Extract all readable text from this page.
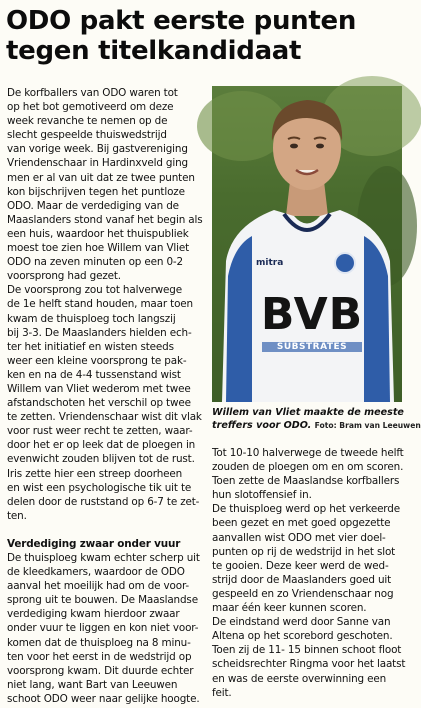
ODO pakt eerste punten
tegen titelkandidaat
De korfballers van ODO waren tot
op het bot gemotiveerd om deze
week revanche te nemen op de
slecht gespeelde thuiswedstrijd
van vorige week. Bij gastvereniging
Vriendenschaar in Hardinxveld ging
men er al van uit dat ze twee punten
kon bijschrijven tegen het puntloze
ODO. Maar de verdediging van de
Maaslanders stond vanaf het begin als
een huis, waardoor het thuispubliek
moest toe zien hoe Willem van Vliet
ODO na zeven minuten op een 0-2
voorsprong had gezet.
De voorsprong zou tot halverwege
de 1e helft stand houden, maar toen
kwam de thuisploeg toch langszij
bij 3-3. De Maaslanders hielden ech-
ter het initiatief en wisten steeds
weer een kleine voorsprong te pak-
ken en na de 4-4 tussenstand wist
Willem van Vliet wederom met twee
afstandschoten het verschil op twee
te zetten. Vriendenschaar wist dit vlak
voor rust weer recht te zetten, waar-
door het er op leek dat de ploegen in
evenwicht zouden blijven tot de rust.
Iris zette hier een streep doorheen
en wist een psychologische tik uit te
delen door de ruststand op 6-7 te zet-
ten.
Verdediging zwaar onder vuur
De thuisploeg kwam echter scherp uit
de kleedkamers, waardoor de ODO
aanval het moeilijk had om de voor-
sprong uit te bouwen. De Maaslandse
verdediging kwam hierdoor zwaar
onder vuur te liggen en kon niet voor-
komen dat de thuisploeg na 8 minu-
ten voor het eerst in de wedstrijd op
voorsprong kwam. Dit duurde echter
niet lang, want Bart van Leeuwen
schoot ODO weer naar gelijke hoogte.
mitra
BVB
SUBSTRATES
Willem van Vliet maakte de meeste
treffers voor ODO. Foto: Bram van Leeuwen
Tot 10-10 halverwege de tweede helft
zouden de ploegen om en om scoren.
Toen zette de Maaslandse korfballers
hun slotoffensief in.
De thuisploeg werd op het verkeerde
been gezet en met goed opgezette
aanvallen wist ODO met vier doel-
punten op rij de wedstrijd in het slot
te gooien. Deze keer werd de wed-
strijd door de Maaslanders goed uit
gespeeld en zo Vriendenschaar nog
maar één keer kunnen scoren.
De eindstand werd door Sanne van
Altena op het scorebord geschoten.
Toen zij de 11- 15 binnen schoot floot
scheidsrechter Ringma voor het laatst
en was de eerste overwinning een
feit.
